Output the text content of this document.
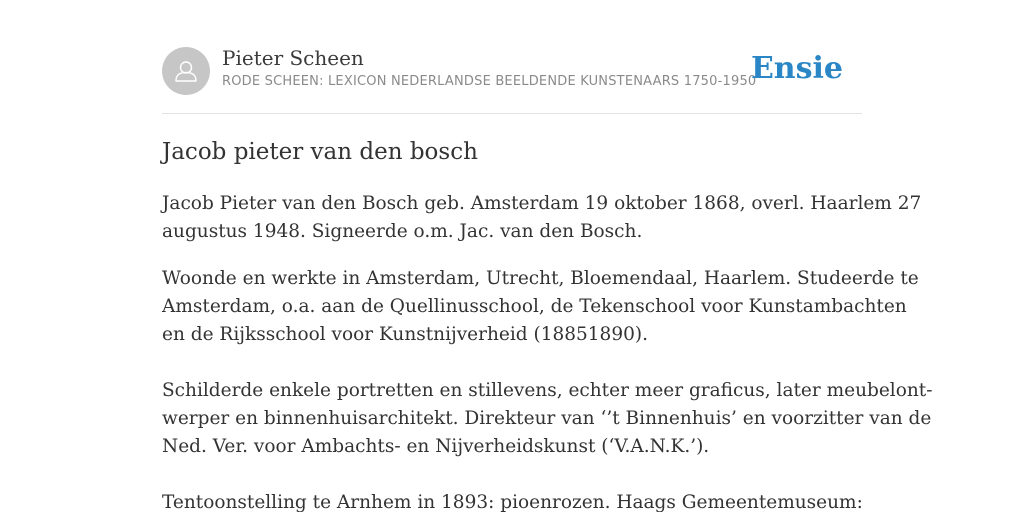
Pieter Scheen
RODE SCHEEN: LEXICON NEDERLANDSE BEELDENDE KUNSTENAARS 1750-1950
Ensie
Jacob pieter van den bosch
Jacob Pieter van den Bosch geb. Amsterdam 19 oktober 1868, overl. Haarlem 27
augustus 1948. Signeerde o.m. Jac. van den Bosch.
Woonde en werkte in Amsterdam, Utrecht, Bloemendaal, Haarlem. Studeerde te
Amsterdam, o.a. aan de Quellinusschool, de Tekenschool voor Kunstambachten
en de Rijksschool voor Kunstnijverheid (18851890).
Schilderde enkele portretten en stillevens, echter meer graficus, later meubelont-
werper en binnenhuisarchitekt. Direkteur van ‘’t Binnenhuis’ en voorzitter van de
Ned. Ver. voor Ambachts- en Nijverheidskunst (‘V.A.N.K.’).
Tentoonstelling te Arnhem in 1893: pioenrozen. Haags Gemeentemuseum:
